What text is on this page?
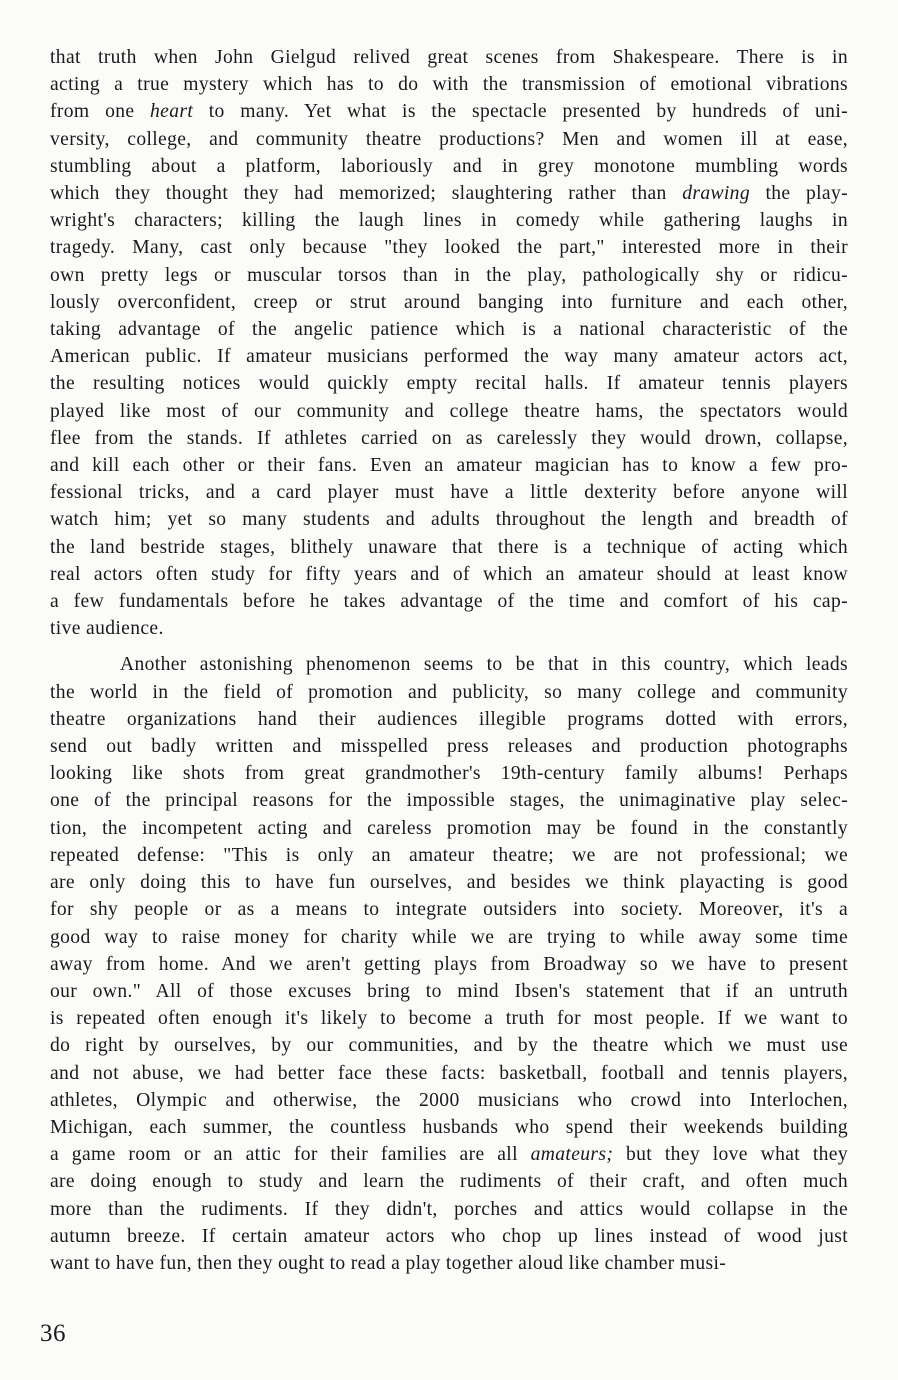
that truth when John Gielgud relived great scenes from Shakespeare. There is in
acting a true mystery which has to do with the transmission of emotional vibrations
from one heart to many. Yet what is the spectacle presented by hundreds of uni-
versity, college, and community theatre productions? Men and women ill at ease,
stumbling about a platform, laboriously and in grey monotone mumbling words
which they thought they had memorized; slaughtering rather than drawing the play-
wright's characters; killing the laugh lines in comedy while gathering laughs in
tragedy. Many, cast only because "they looked the part," interested more in their
own pretty legs or muscular torsos than in the play, pathologically shy or ridicu-
lously overconfident, creep or strut around banging into furniture and each other,
taking advantage of the angelic patience which is a national characteristic of the
American public. If amateur musicians performed the way many amateur actors act,
the resulting notices would quickly empty recital halls. If amateur tennis players
played like most of our community and college theatre hams, the spectators would
flee from the stands. If athletes carried on as carelessly they would drown, collapse,
and kill each other or their fans. Even an amateur magician has to know a few pro-
fessional tricks, and a card player must have a little dexterity before anyone will
watch him; yet so many students and adults throughout the length and breadth of
the land bestride stages, blithely unaware that there is a technique of acting which
real actors often study for fifty years and of which an amateur should at least know
a few fundamentals before he takes advantage of the time and comfort of his cap-
tive audience.
Another astonishing phenomenon seems to be that in this country, which leads
the world in the field of promotion and publicity, so many college and community
theatre organizations hand their audiences illegible programs dotted with errors,
send out badly written and misspelled press releases and production photographs
looking like shots from great grandmother's 19th-century family albums! Perhaps
one of the principal reasons for the impossible stages, the unimaginative play selec-
tion, the incompetent acting and careless promotion may be found in the constantly
repeated defense: "This is only an amateur theatre; we are not professional; we
are only doing this to have fun ourselves, and besides we think playacting is good
for shy people or as a means to integrate outsiders into society. Moreover, it's a
good way to raise money for charity while we are trying to while away some time
away from home. And we aren't getting plays from Broadway so we have to present
our own." All of those excuses bring to mind Ibsen's statement that if an untruth
is repeated often enough it's likely to become a truth for most people. If we want to
do right by ourselves, by our communities, and by the theatre which we must use
and not abuse, we had better face these facts: basketball, football and tennis players,
athletes, Olympic and otherwise, the 2000 musicians who crowd into Interlochen,
Michigan, each summer, the countless husbands who spend their weekends building
a game room or an attic for their families are all amateurs; but they love what they
are doing enough to study and learn the rudiments of their craft, and often much
more than the rudiments. If they didn't, porches and attics would collapse in the
autumn breeze. If certain amateur actors who chop up lines instead of wood just
want to have fun, then they ought to read a play together aloud like chamber musi-
36
